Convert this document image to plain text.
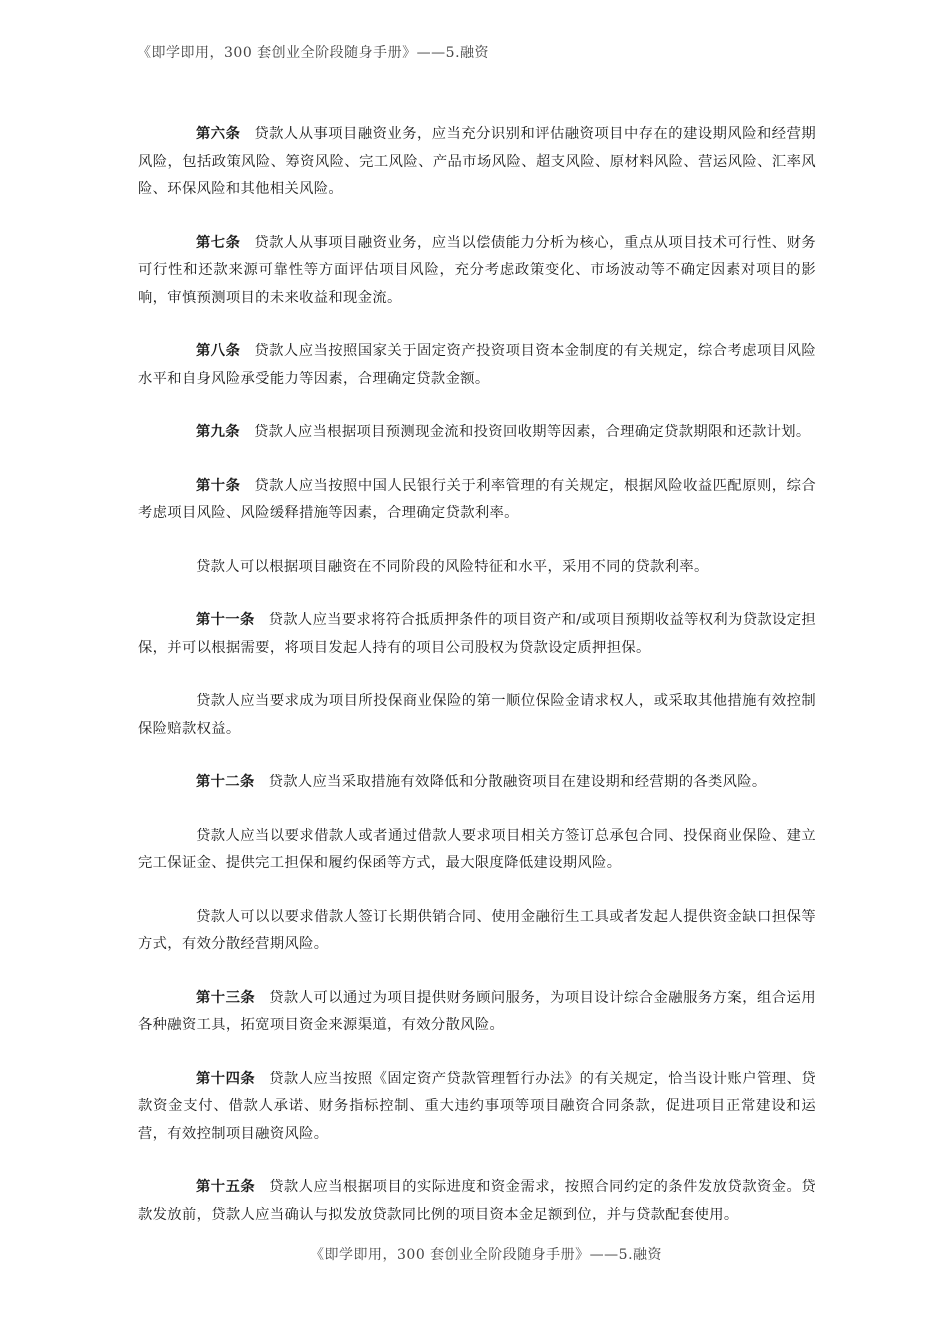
《即学即用，300 套创业全阶段随身手册》——5.融资

第六条 贷款人从事项目融资业务，应当充分识别和评估融资项目中存在的建设期风险和经营期风险，包括政策风险、筹资风险、完工风险、产品市场风险、超支风险、原材料风险、营运风险、汇率风险、环保风险和其他相关风险。

第七条 贷款人从事项目融资业务，应当以偿债能力分析为核心，重点从项目技术可行性、财务可行性和还款来源可靠性等方面评估项目风险，充分考虑政策变化、市场波动等不确定因素对项目的影响，审慎预测项目的未来收益和现金流。

第八条 贷款人应当按照国家关于固定资产投资项目资本金制度的有关规定，综合考虑项目风险水平和自身风险承受能力等因素，合理确定贷款金额。

第九条 贷款人应当根据项目预测现金流和投资回收期等因素，合理确定贷款期限和还款计划。

第十条 贷款人应当按照中国人民银行关于利率管理的有关规定，根据风险收益匹配原则，综合考虑项目风险、风险缓释措施等因素，合理确定贷款利率。

贷款人可以根据项目融资在不同阶段的风险特征和水平，采用不同的贷款利率。

第十一条 贷款人应当要求将符合抵质押条件的项目资产和/或项目预期收益等权利为贷款设定担保，并可以根据需要，将项目发起人持有的项目公司股权为贷款设定质押担保。

贷款人应当要求成为项目所投保商业保险的第一顺位保险金请求权人，或采取其他措施有效控制保险赔款权益。

第十二条 贷款人应当采取措施有效降低和分散融资项目在建设期和经营期的各类风险。

贷款人应当以要求借款人或者通过借款人要求项目相关方签订总承包合同、投保商业保险、建立完工保证金、提供完工担保和履约保函等方式，最大限度降低建设期风险。

贷款人可以以要求借款人签订长期供销合同、使用金融衍生工具或者发起人提供资金缺口担保等方式，有效分散经营期风险。

第十三条 贷款人可以通过为项目提供财务顾问服务，为项目设计综合金融服务方案，组合运用各种融资工具，拓宽项目资金来源渠道，有效分散风险。

第十四条 贷款人应当按照《固定资产贷款管理暂行办法》的有关规定，恰当设计账户管理、贷款资金支付、借款人承诺、财务指标控制、重大违约事项等项目融资合同条款，促进项目正常建设和运营，有效控制项目融资风险。

第十五条 贷款人应当根据项目的实际进度和资金需求，按照合同约定的条件发放贷款资金。贷款发放前，贷款人应当确认与拟发放贷款同比例的项目资本金足额到位，并与贷款配套使用。

《即学即用，300 套创业全阶段随身手册》——5.融资
